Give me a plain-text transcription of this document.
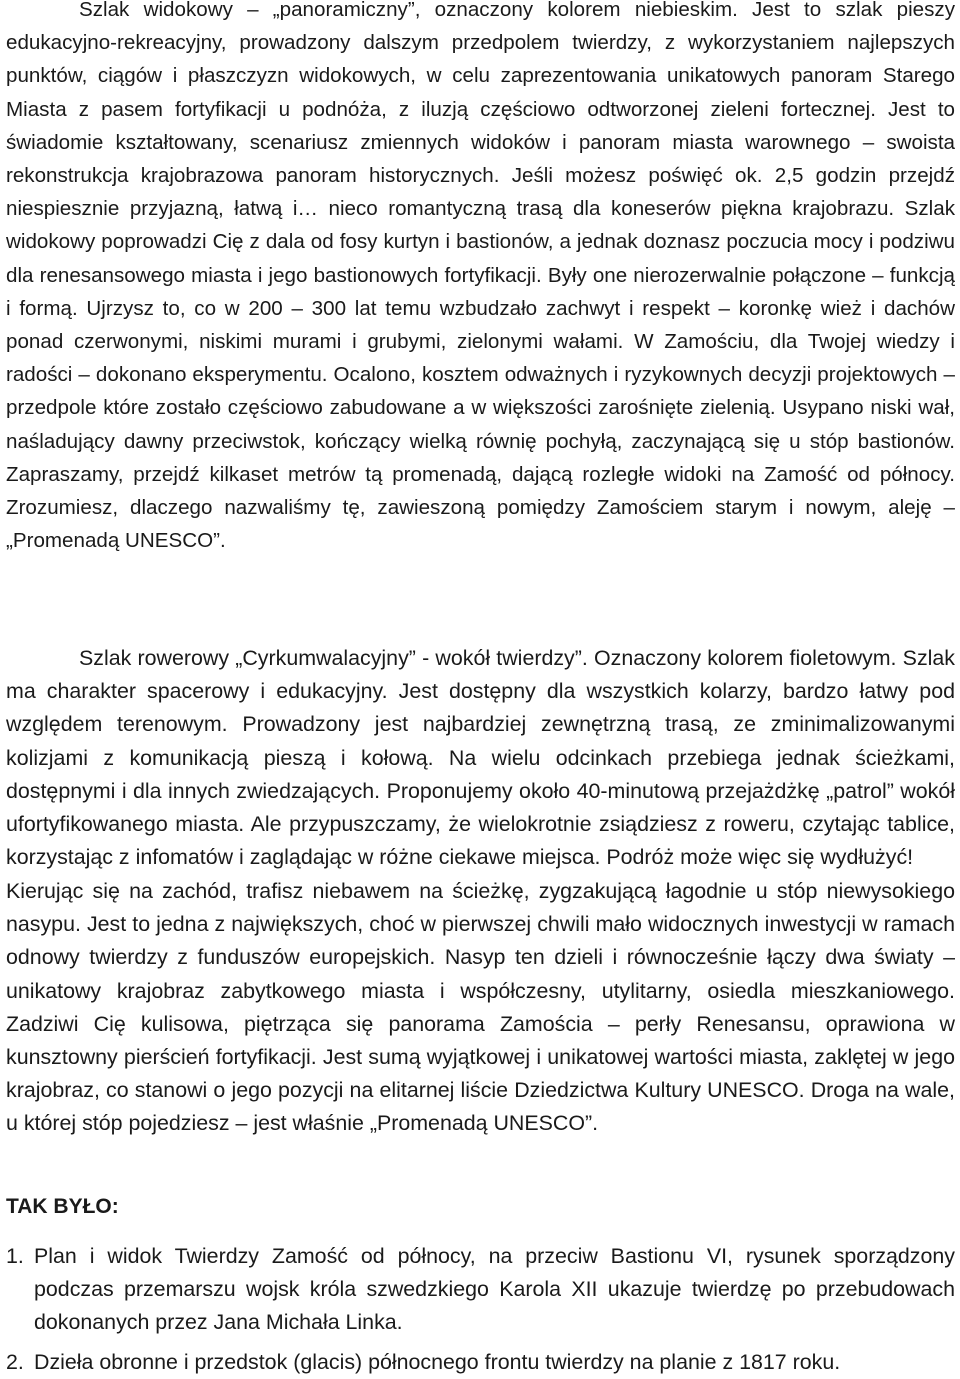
Szlak widokowy – „panoramiczny”, oznaczony kolorem niebieskim. Jest to szlak pieszy edukacyjno-rekreacyjny, prowadzony dalszym przedpolem twierdzy, z wykorzystaniem najlepszych punktów, ciągów i płaszczyzn widokowych, w celu zaprezentowania unikatowych panoram Starego Miasta z pasem fortyfikacji u podnóża, z iluzją częściowo odtworzonej zieleni fortecznej. Jest to świadomie kształtowany, scenariusz zmiennych widoków i panoram miasta warownego – swoista rekonstrukcja krajobrazowa panoram historycznych. Jeśli możesz poświęć ok. 2,5 godzin przejdź niespiesznie przyjazną, łatwą i… nieco romantyczną trasą dla koneserów piękna krajobrazu. Szlak widokowy poprowadzi Cię z dala od fosy kurtyn i bastionów, a jednak doznasz poczucia mocy i podziwu dla renesansowego miasta i jego bastionowych fortyfikacji. Były one nierozerwalnie połączone – funkcją i formą. Ujrzysz to, co w 200 – 300 lat temu wzbudzało zachwyt i respekt – koronkę wież i dachów ponad czerwonymi, niskimi murami i grubymi, zielonymi wałami. W Zamościu, dla Twojej wiedzy i radości – dokonano eksperymentu. Ocalono, kosztem odważnych i ryzykownych decyzji projektowych – przedpole które zostało częściowo zabudowane a w większości zarośnięte zielenią. Usypano niski wał, naśladujący dawny przeciwstok, kończący wielką równię pochyłą, zaczynającą się u stóp bastionów. Zapraszamy, przejdź kilkaset metrów tą promenadą, dającą rozległe widoki na Zamość od północy. Zrozumiesz, dlaczego nazwaliśmy tę, zawieszoną pomiędzy Zamościem starym i nowym, aleję – „Promenadą UNESCO”.

Szlak rowerowy „Cyrkumwalacyjny” - wokół twierdzy”. Oznaczony kolorem fioletowym. Szlak ma charakter spacerowy i edukacyjny. Jest dostępny dla wszystkich kolarzy, bardzo łatwy pod względem terenowym. Prowadzony jest najbardziej zewnętrzną trasą, ze zminimalizowanymi kolizjami z komunikacją pieszą i kołową. Na wielu odcinkach przebiega jednak ścieżkami, dostępnymi i dla innych zwiedzających. Proponujemy około 40-minutową przejażdżkę „patrol” wokół ufortyfikowanego miasta. Ale przypuszczamy, że wielokrotnie zsiądziesz z roweru, czytając tablice, korzystając z infomatów i zaglądając w różne ciekawe miejsca. Podróż może więc się wydłużyć!

Kierując się na zachód, trafisz niebawem na ścieżkę, zygzakującą łagodnie u stóp niewysokiego nasypu. Jest to jedna z największych, choć w pierwszej chwili mało widocznych inwestycji w ramach odnowy twierdzy z funduszów europejskich. Nasyp ten dzieli i równocześnie łączy dwa światy – unikatowy krajobraz zabytkowego miasta i współczesny, utylitarny, osiedla mieszkaniowego. Zadziwi Cię kulisowa, piętrząca się panorama Zamościa – perły Renesansu, oprawiona w kunsztowny pierścień fortyfikacji. Jest sumą wyjątkowej i unikatowej wartości miasta, zaklętej w jego krajobraz, co stanowi o jego pozycji na elitarnej liście Dziedzictwa Kultury UNESCO. Droga na wale, u której stóp pojedziesz – jest właśnie „Promenadą UNESCO”.

TAK BYŁO:
1. Plan i widok Twierdzy Zamość od północy, na przeciw Bastionu VI, rysunek sporządzony podczas przemarszu wojsk króla szwedzkiego Karola XII ukazuje twierdzę po przebudowach dokonanych przez Jana Michała Linka.
2. Dzieła obronne i przedstok (glacis) północnego frontu twierdzy na planie z 1817 roku.
